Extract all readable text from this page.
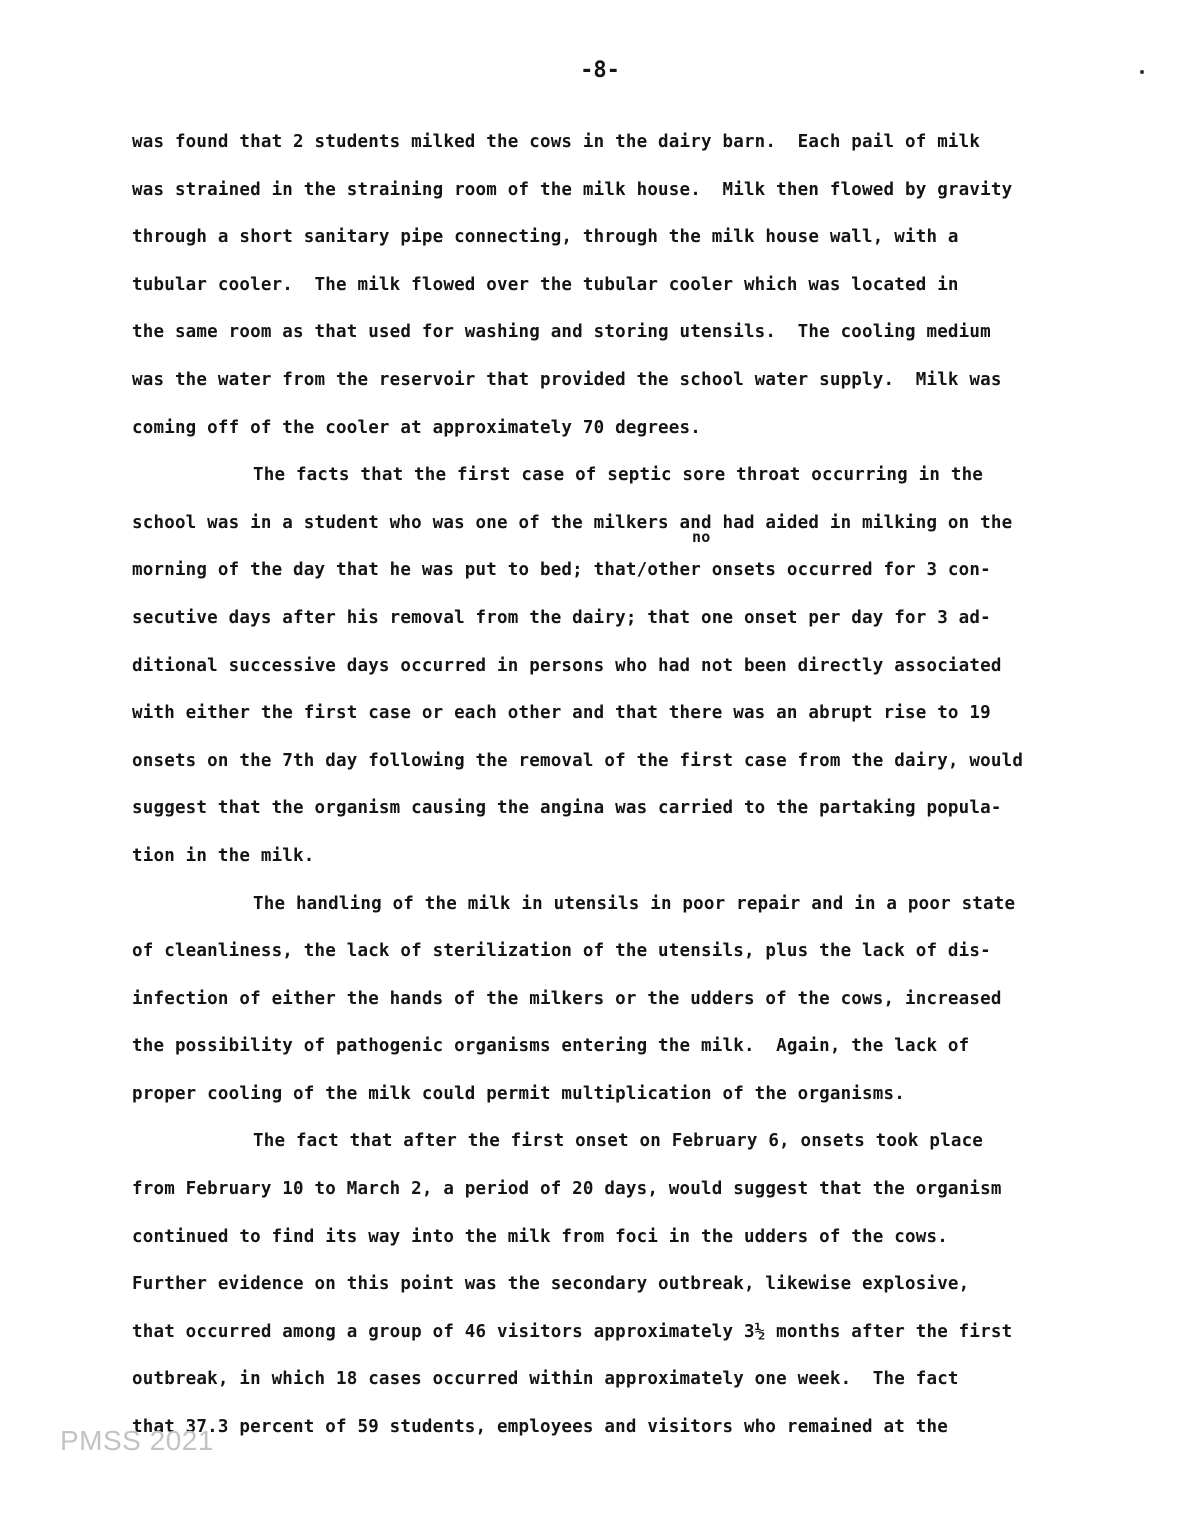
-8-
was found that 2 students milked the cows in the dairy barn.  Each pail of milk
was strained in the straining room of the milk house.  Milk then flowed by gravity
through a short sanitary pipe connecting, through the milk house wall, with a
tubular cooler.  The milk flowed over the tubular cooler which was located in
the same room as that used for washing and storing utensils.  The cooling medium
was the water from the reservoir that provided the school water supply.  Milk was
coming off of the cooler at approximately 70 degrees.
The facts that the first case of septic sore throat occurring in the
school was in a student who was one of the milkers and had aided in milking on the
no
morning of the day that he was put to bed; that/other onsets occurred for 3 con-
secutive days after his removal from the dairy; that one onset per day for 3 ad-
ditional successive days occurred in persons who had not been directly associated
with either the first case or each other and that there was an abrupt rise to 19
onsets on the 7th day following the removal of the first case from the dairy, would
suggest that the organism causing the angina was carried to the partaking popula-
tion in the milk.
The handling of the milk in utensils in poor repair and in a poor state
of cleanliness, the lack of sterilization of the utensils, plus the lack of dis-
infection of either the hands of the milkers or the udders of the cows, increased
the possibility of pathogenic organisms entering the milk.  Again, the lack of
proper cooling of the milk could permit multiplication of the organisms.
The fact that after the first onset on February 6, onsets took place
from February 10 to March 2, a period of 20 days, would suggest that the organism
continued to find its way into the milk from foci in the udders of the cows.
Further evidence on this point was the secondary outbreak, likewise explosive,
that occurred among a group of 46 visitors approximately 3½ months after the first
outbreak, in which 18 cases occurred within approximately one week.  The fact
that 37.3 percent of 59 students, employees and visitors who remained at the
PMSS 2021
